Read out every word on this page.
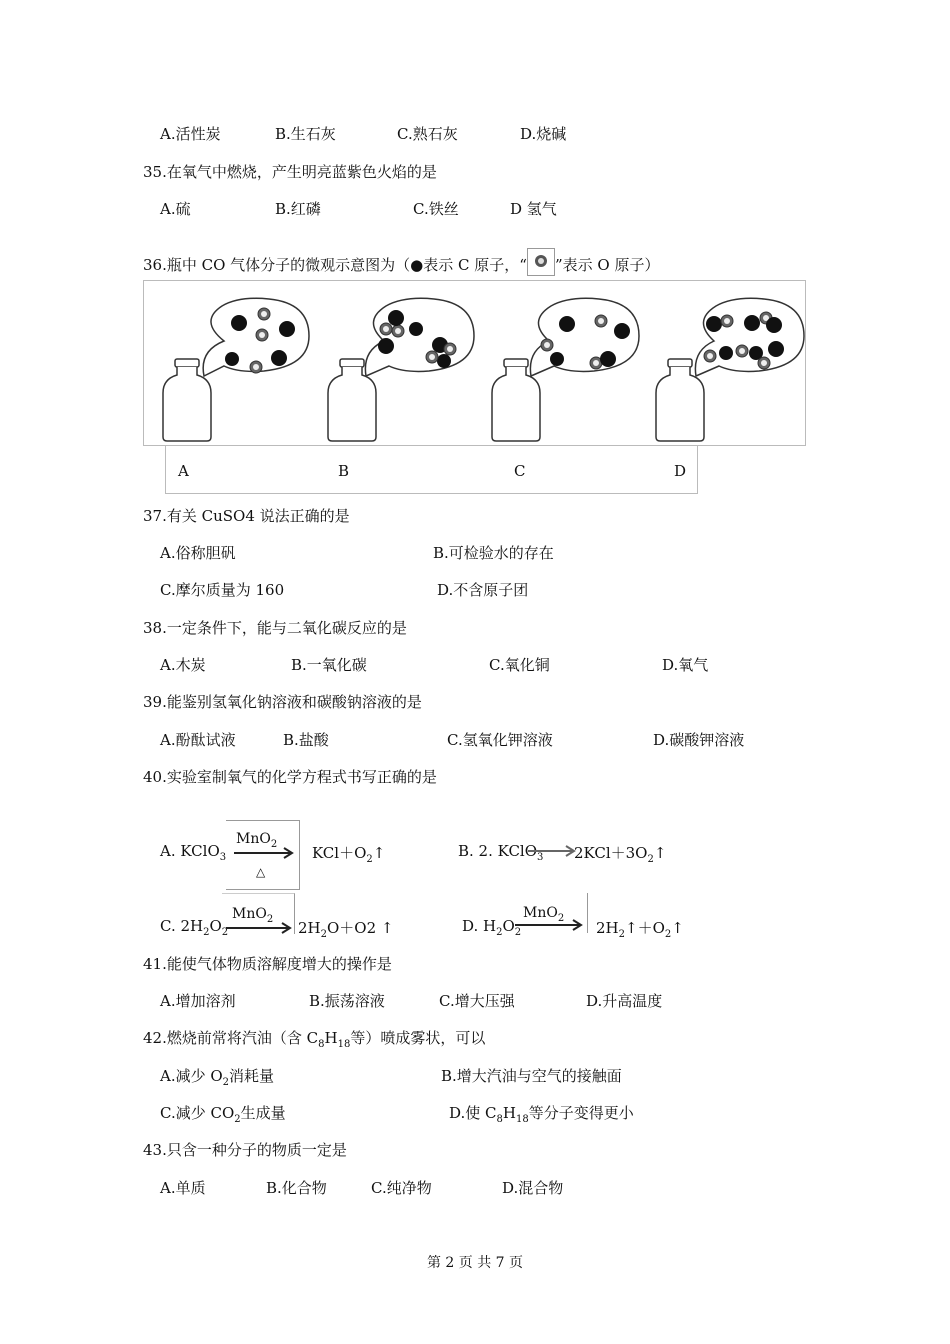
A.活性炭	B.生石灰	C.熟石灰	D.烧碱
35.在氧气中燃烧，产生明亮蓝紫色火焰的是
A.硫	B.红磷	C.铁丝	D 氢气
36.瓶中 CO 气体分子的微观示意图为（●表示 C 原子，“ ”表示 O 原子）
A	B	C	D
37.有关 CuSO4 说法正确的是
A.俗称胆矾	B.可检验水的存在
C.摩尔质量为 160	D.不含原子团
38.一定条件下，能与二氧化碳反应的是
A.木炭	B.一氧化碳	C.氧化铜	D.氧气
39.能鉴别氢氧化钠溶液和碳酸钠溶液的是
A.酚酞试液	B.盐酸	C.氢氧化钾溶液	D.碳酸钾溶液
40.实验室制氧气的化学方程式书写正确的是
A. KClO$_3$
MnO$_2$
△
$KCl+O_2↑$	B. 2. KClO$_3$ $2KCl+3O_2↑$
C. $2H_2O_2$
MnO$_2$ $2H_2O+O2$ ↑	D. $H_2O_2$
MnO$_2$
$2H_2↑+O_2↑$
41.能使气体物质溶解度增大的操作是
A.增加溶剂	B.振荡溶液	C.增大压强	D.升高温度
42.燃烧前常将汽油（含 $C_8H_{18}$等）喷成雾状，可以
A.减少 $O_2$消耗量	B.增大汽油与空气的接触面
C.减少 $CO_2$生成量	D.使 $C_8H_{18}$等分子变得更小
43.只含一种分子的物质一定是
A.单质	B.化合物	C.纯净物	D.混合物
第 2 页 共 7 页
